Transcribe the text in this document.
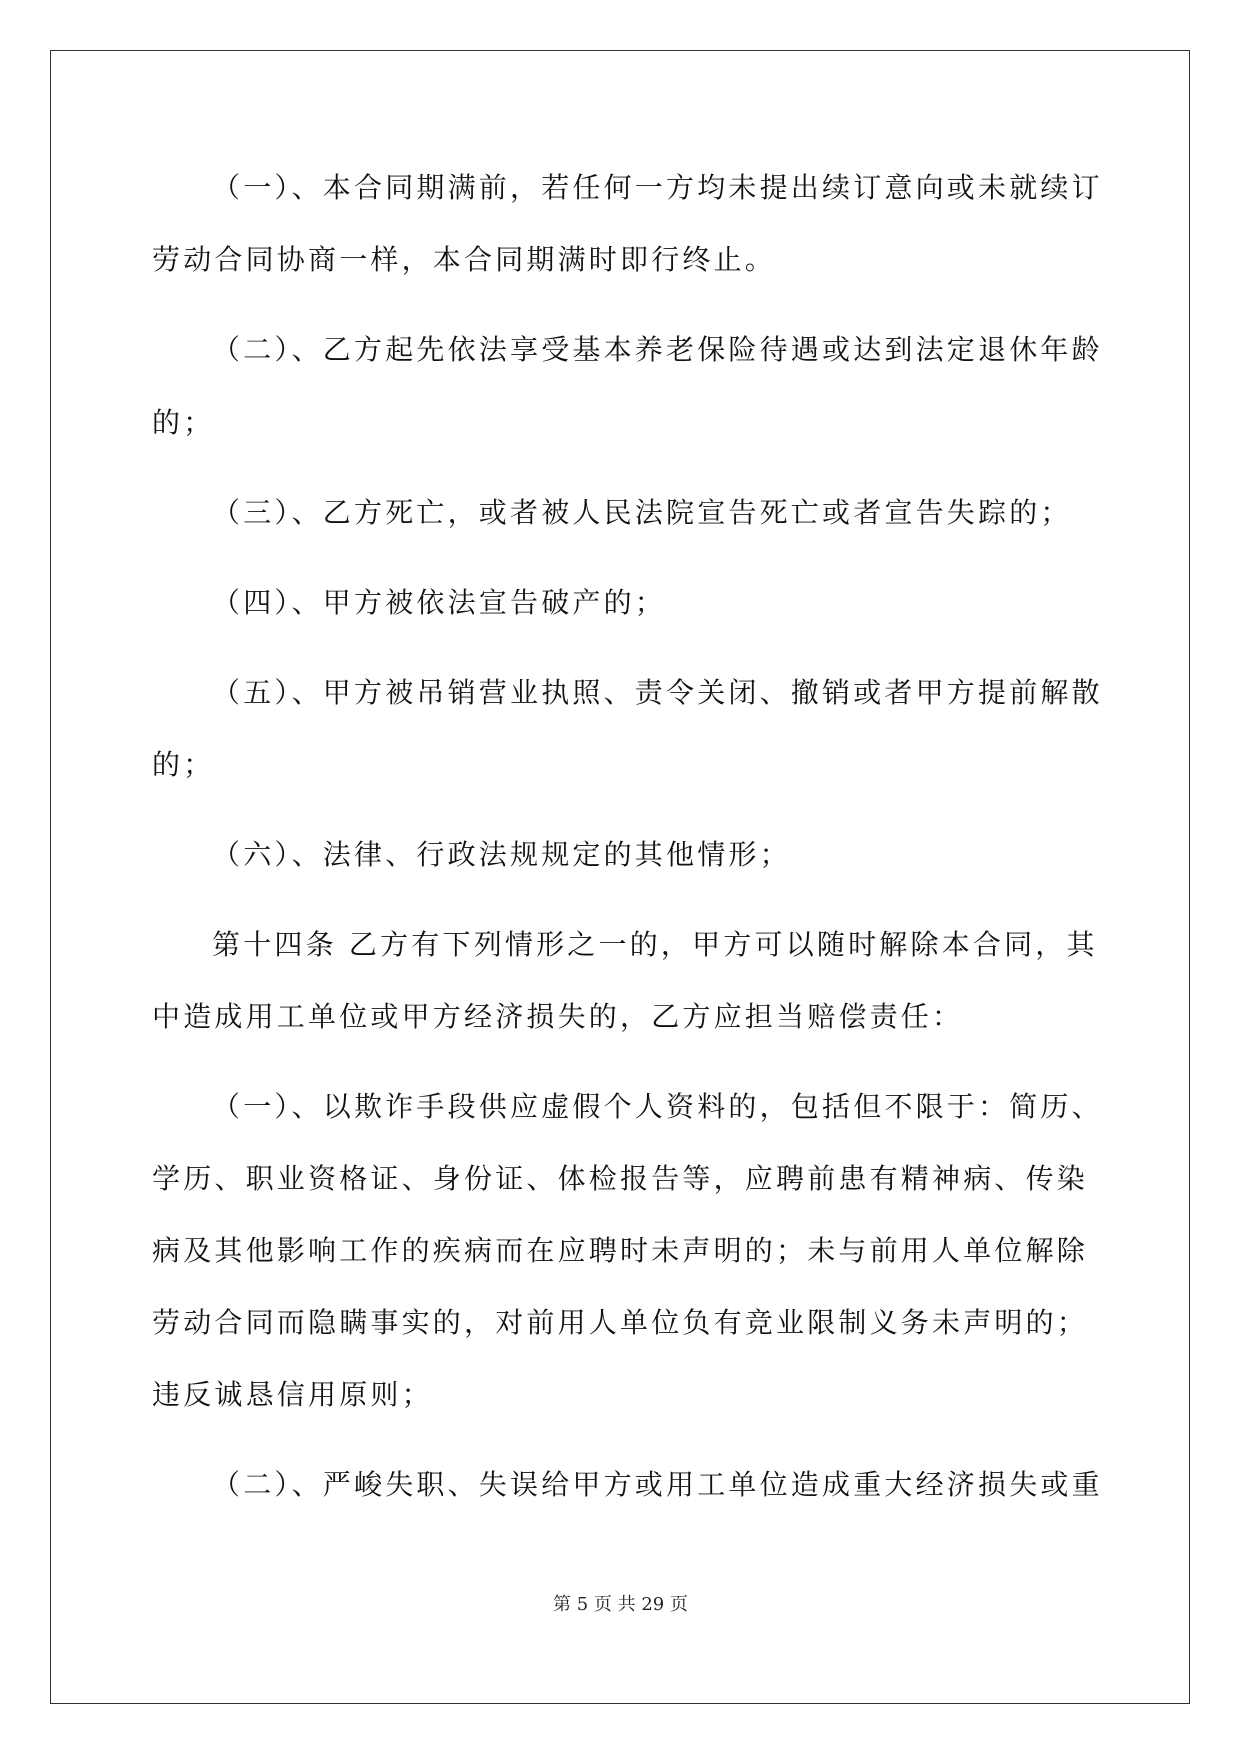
（一）、本合同期满前，若任何一方均未提出续订意向或未就续订
劳动合同协商一样，本合同期满时即行终止。
（二）、乙方起先依法享受基本养老保险待遇或达到法定退休年龄
的；
（三）、乙方死亡，或者被人民法院宣告死亡或者宣告失踪的；
（四）、甲方被依法宣告破产的；
（五）、甲方被吊销营业执照、责令关闭、撤销或者甲方提前解散
的；
（六）、法律、行政法规规定的其他情形；
第十四条 乙方有下列情形之一的，甲方可以随时解除本合同，其
中造成用工单位或甲方经济损失的，乙方应担当赔偿责任：
（一）、以欺诈手段供应虚假个人资料的，包括但不限于：简历、
学历、职业资格证、身份证、体检报告等，应聘前患有精神病、传染
病及其他影响工作的疾病而在应聘时未声明的；未与前用人单位解除
劳动合同而隐瞒事实的，对前用人单位负有竞业限制义务未声明的；
违反诚恳信用原则；
（二）、严峻失职、失误给甲方或用工单位造成重大经济损失或重
第 5 页 共 29 页
